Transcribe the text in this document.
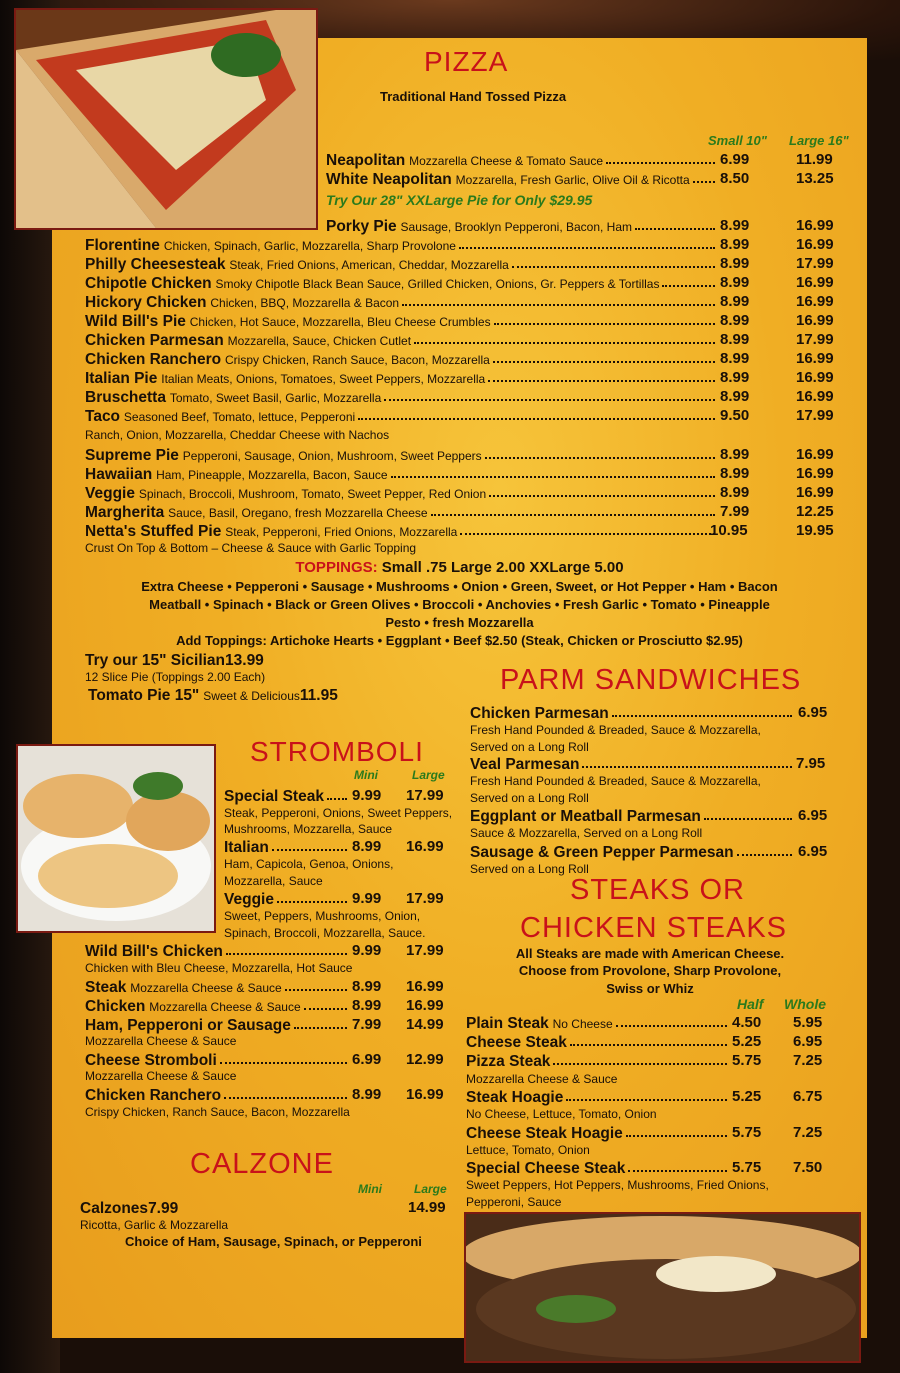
PIZZA
Traditional Hand Tossed Pizza
Small 10" Large 16"
Neapolitan Mozzarella Cheese & Tomato Sauce	6.99	11.99
White Neapolitan Mozzarella, Fresh Garlic, Olive Oil & Ricotta	8.50	13.25
Porky Pie Sausage, Brooklyn Pepperoni, Bacon, Ham	8.99	16.99
Florentine Chicken, Spinach, Garlic, Mozzarella, Sharp Provolone	8.99	16.99
Philly Cheesesteak Steak, Fried Onions, American, Cheddar, Mozzarella	8.99	17.99
Chipotle Chicken Smoky Chipotle Black Bean Sauce, Grilled Chicken, Onions, Gr. Peppers & Tortillas	8.99	16.99
Hickory Chicken Chicken, BBQ, Mozzarella & Bacon	8.99	16.99
Wild Bill's Pie Chicken, Hot Sauce, Mozzarella, Bleu Cheese Crumbles	8.99	16.99
Chicken Parmesan Mozzarella, Sauce, Chicken Cutlet	8.99	17.99
Chicken Ranchero Crispy Chicken, Ranch Sauce, Bacon, Mozzarella	8.99	16.99
Italian Pie Italian Meats, Onions, Tomatoes, Sweet Peppers, Mozzarella	8.99	16.99
Bruschetta Tomato, Sweet Basil, Garlic, Mozzarella	8.99	16.99
Taco Seasoned Beef, Tomato, lettuce, Pepperoni	9.50	17.99
Supreme Pie Pepperoni, Sausage, Onion, Mushroom, Sweet Peppers	8.99	16.99
Hawaiian Ham, Pineapple, Mozzarella, Bacon, Sauce	8.99	16.99
Veggie Spinach, Broccoli, Mushroom, Tomato, Sweet Pepper, Red Onion	8.99	16.99
Margherita Sauce, Basil, Oregano, fresh Mozzarella Cheese	7.99	12.25
Netta's Stuffed Pie Steak, Pepperoni, Fried Onions, Mozzarella	10.95	19.95
Try Our 28" XXLarge Pie for Only $29.95
Ranch, Onion, Mozzarella, Cheddar Cheese with Nachos
Crust On Top & Bottom – Cheese & Sauce with Garlic Topping
TOPPINGS: Small .75 Large 2.00 XXLarge 5.00
Extra Cheese • Pepperoni • Sausage • Mushrooms • Onion • Green, Sweet, or Hot Pepper • Ham • Bacon
Meatball • Spinach • Black or Green Olives • Broccoli • Anchovies • Fresh Garlic • Tomato • Pineapple
Pesto • fresh Mozzarella
Add Toppings: Artichoke Hearts • Eggplant • Beef $2.50 (Steak, Chicken or Prosciutto $2.95)
Try our 15" Sicilian13.99
12 Slice Pie (Toppings 2.00 Each)
Tomato Pie 15" Sweet & Delicious11.95
STROMBOLI
Mini	Large
Special Steak	9.99 17.99
Steak, Pepperoni, Onions, Sweet Peppers,
Mushrooms, Mozzarella, Sauce
Italian	8.99 16.99
Ham, Capicola, Genoa, Onions,
Mozzarella, Sauce
Veggie	9.99 17.99
Sweet, Peppers, Mushrooms, Onion,
Spinach, Broccoli, Mozzarella, Sauce.
Wild Bill's Chicken	9.99 17.99
Chicken with Bleu Cheese, Mozzarella, Hot Sauce
Steak Mozzarella Cheese & Sauce	8.99 16.99
Chicken Mozzarella Cheese & Sauce	8.99 16.99
Ham, Pepperoni or Sausage	7.99 14.99
Mozzarella Cheese & Sauce
Cheese Stromboli	6.99 12.99
Mozzarella Cheese & Sauce
Chicken Ranchero	8.99 16.99
Crispy Chicken, Ranch Sauce, Bacon, Mozzarella
CALZONE
Mini	Large
Calzones7.99	14.99
Ricotta, Garlic & Mozzarella
Choice of Ham, Sausage, Spinach, or Pepperoni
PARM SANDWICHES
Chicken Parmesan	6.95
Fresh Hand Pounded & Breaded, Sauce & Mozzarella,
Served on a Long Roll
Veal Parmesan	7.95
Fresh Hand Pounded & Breaded, Sauce & Mozzarella,
Served on a Long Roll
Eggplant or Meatball Parmesan	6.95
Sauce & Mozzarella, Served on a Long Roll
Sausage & Green Pepper Parmesan	6.95
Served on a Long Roll
STEAKS OR
CHICKEN STEAKS
All Steaks are made with American Cheese.
Choose from Provolone, Sharp Provolone,
Swiss or Whiz
Half Whole
Plain Steak No Cheese	4.50 5.95
Cheese Steak	5.25 6.95
Pizza Steak	5.75 7.25
Mozzarella Cheese & Sauce
Steak Hoagie	5.25 6.75
No Cheese, Lettuce, Tomato, Onion
Cheese Steak Hoagie	5.75 7.25
Lettuce, Tomato, Onion
Special Cheese Steak	5.75 7.50
Sweet Peppers, Hot Peppers, Mushrooms, Fried Onions,
Pepperoni, Sauce
